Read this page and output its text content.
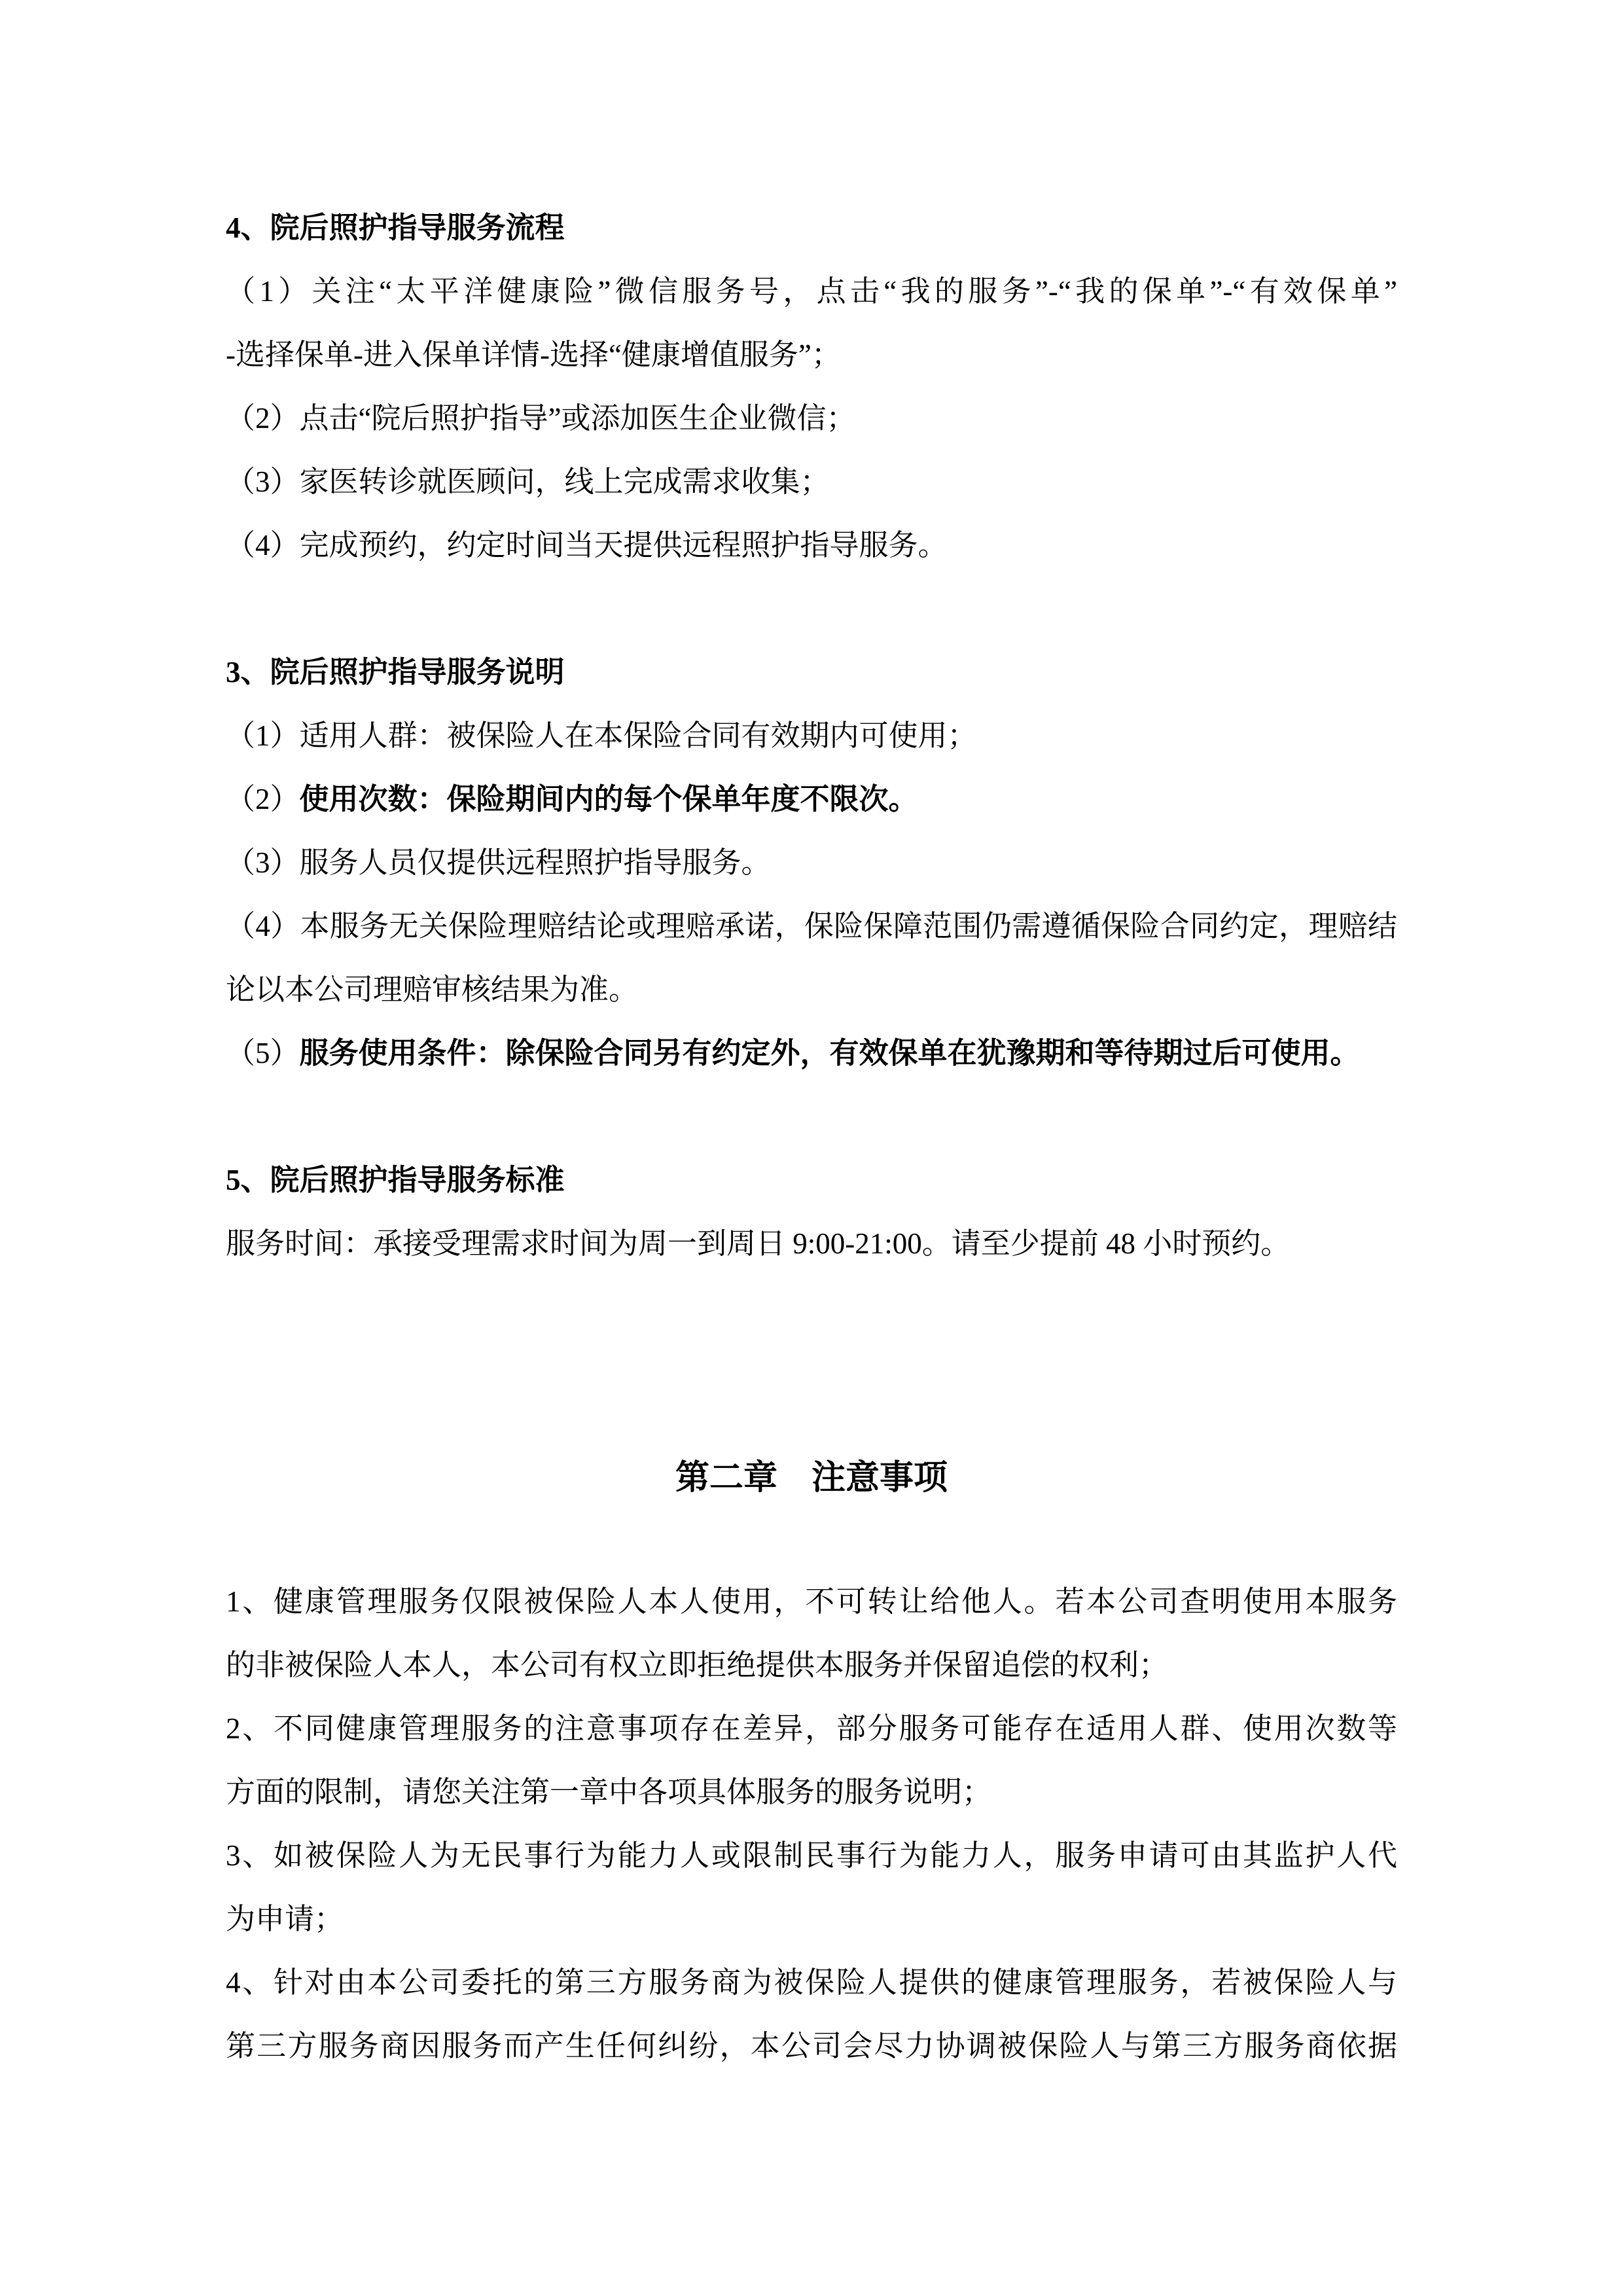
4、院后照护指导服务流程
（1）关注“太平洋健康险”微信服务号，点击“我的服务”-“我的保单”-“有效保单”
-选择保单-进入保单详情-选择“健康增值服务”；
（2）点击“院后照护指导”或添加医生企业微信；
（3）家医转诊就医顾问，线上完成需求收集；
（4）完成预约，约定时间当天提供远程照护指导服务。
3、院后照护指导服务说明
（1）适用人群：被保险人在本保险合同有效期内可使用；
（2）使用次数：保险期间内的每个保单年度不限次。
（3）服务人员仅提供远程照护指导服务。
（4）本服务无关保险理赔结论或理赔承诺，保险保障范围仍需遵循保险合同约定，理赔结
论以本公司理赔审核结果为准。
（5）服务使用条件：除保险合同另有约定外，有效保单在犹豫期和等待期过后可使用。
5、院后照护指导服务标准
服务时间：承接受理需求时间为周一到周日 9:00-21:00。请至少提前 48 小时预约。
第二章　注意事项
1、健康管理服务仅限被保险人本人使用，不可转让给他人。若本公司查明使用本服务
的非被保险人本人，本公司有权立即拒绝提供本服务并保留追偿的权利；
2、不同健康管理服务的注意事项存在差异，部分服务可能存在适用人群、使用次数等
方面的限制，请您关注第一章中各项具体服务的服务说明；
3、如被保险人为无民事行为能力人或限制民事行为能力人，服务申请可由其监护人代
为申请；
4、针对由本公司委托的第三方服务商为被保险人提供的健康管理服务，若被保险人与
第三方服务商因服务而产生任何纠纷，本公司会尽力协调被保险人与第三方服务商依据
